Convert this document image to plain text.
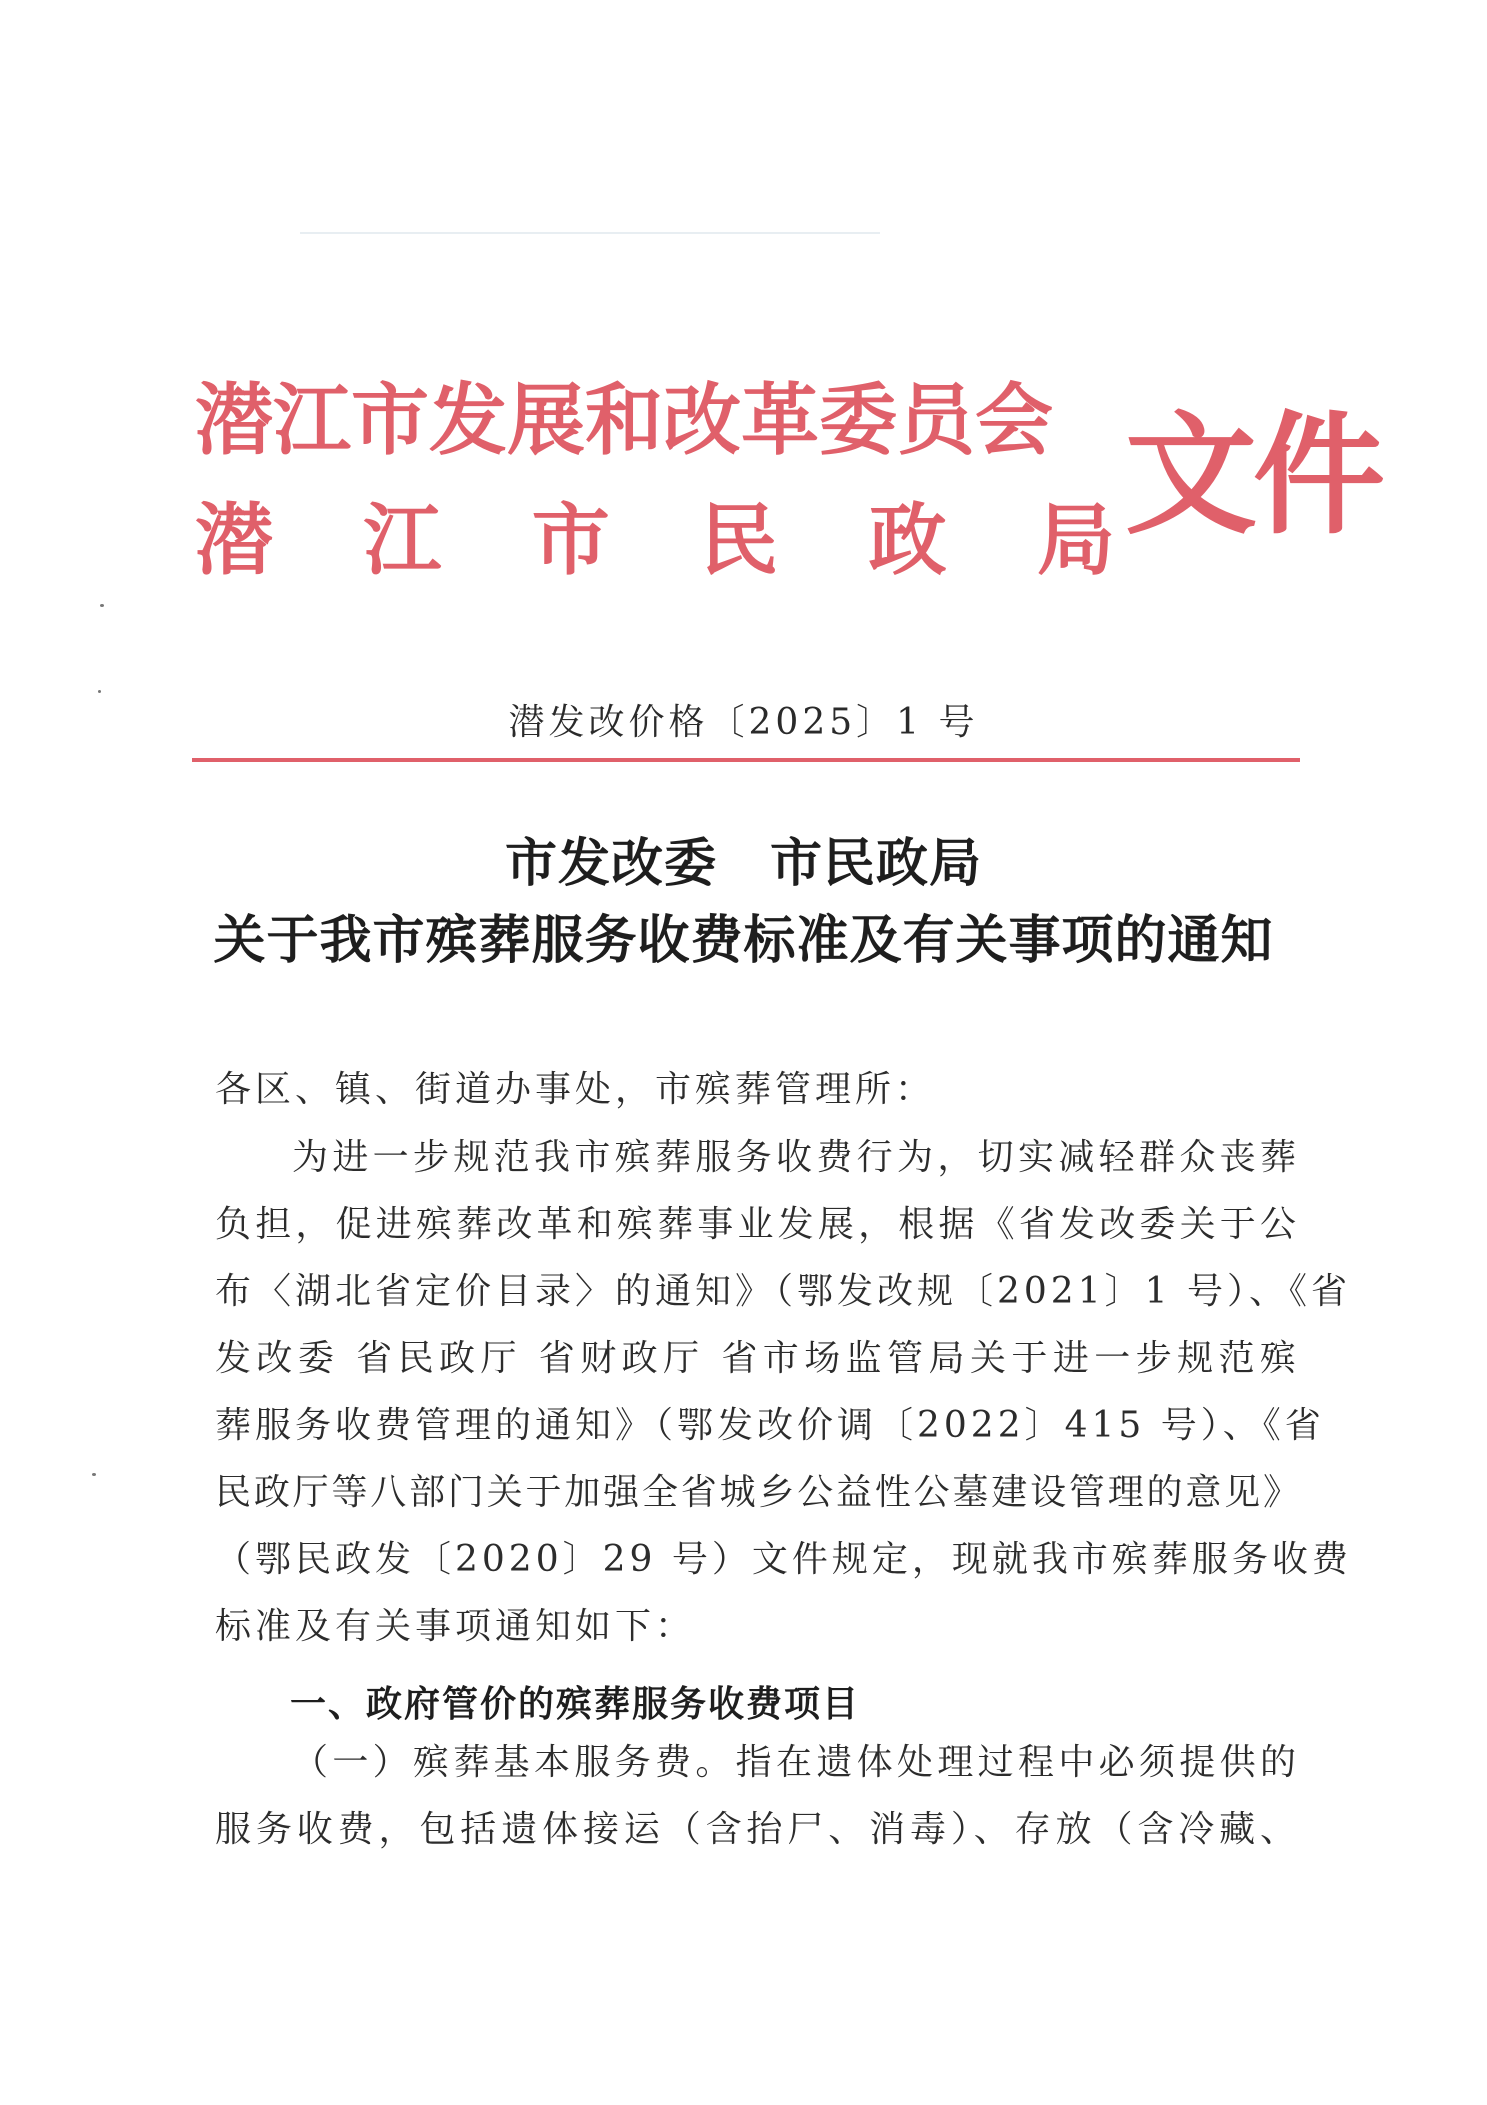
潜江市发展和改革委员会
潜 江 市 民 政 局 文件
潜发改价格〔2025〕1 号
市发改委　市民政局
关于我市殡葬服务收费标准及有关事项的通知
各区、镇、街道办事处，市殡葬管理所：
为进一步规范我市殡葬服务收费行为，切实减轻群众丧葬
负担，促进殡葬改革和殡葬事业发展，根据《省发改委关于公
布〈湖北省定价目录〉的通知》（鄂发改规〔2021〕1 号）、《省
发改委 省民政厅 省财政厅 省市场监管局关于进一步规范殡
葬服务收费管理的通知》（鄂发改价调〔2022〕415 号）、《省
民政厅等八部门关于加强全省城乡公益性公墓建设管理的意见》
（鄂民政发〔2020〕29 号）文件规定，现就我市殡葬服务收费
标准及有关事项通知如下：
一、政府管价的殡葬服务收费项目
（一）殡葬基本服务费。指在遗体处理过程中必须提供的
服务收费，包括遗体接运（含抬尸、消毒）、存放（含冷藏、
